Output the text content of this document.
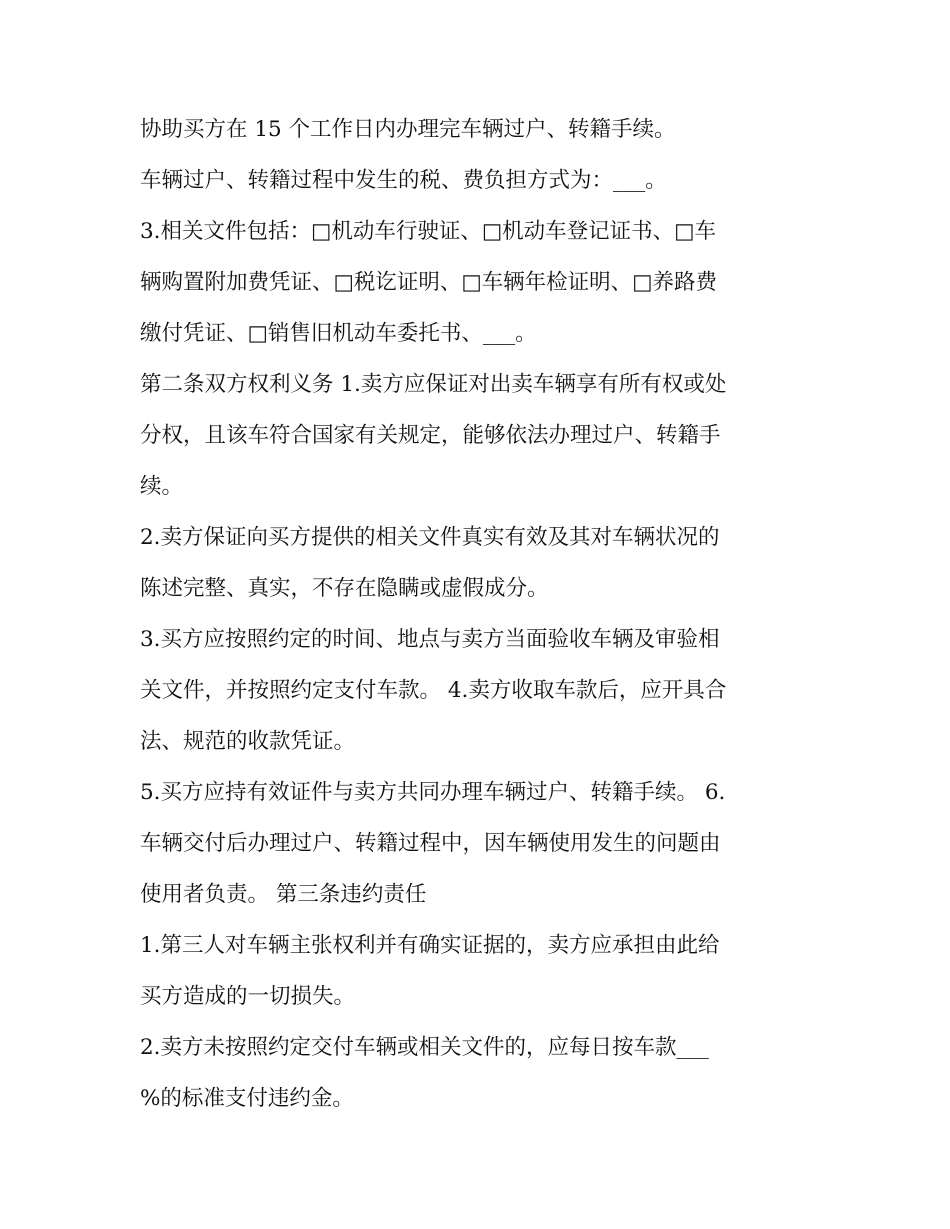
协助买方在 15 个工作日内办理完车辆过户、转籍手续。
车辆过户、转籍过程中发生的税、费负担方式为：___。
3.相关文件包括：□机动车行驶证、□机动车登记证书、□车
辆购置附加费凭证、□税讫证明、□车辆年检证明、□养路费
缴付凭证、□销售旧机动车委托书、___。
第二条双方权利义务 1.卖方应保证对出卖车辆享有所有权或处
分权，且该车符合国家有关规定，能够依法办理过户、转籍手
续。
2.卖方保证向买方提供的相关文件真实有效及其对车辆状况的
陈述完整、真实，不存在隐瞒或虚假成分。
3.买方应按照约定的时间、地点与卖方当面验收车辆及审验相
关文件，并按照约定支付车款。 4.卖方收取车款后，应开具合
法、规范的收款凭证。
5.买方应持有效证件与卖方共同办理车辆过户、转籍手续。 6.
车辆交付后办理过户、转籍过程中，因车辆使用发生的问题由
使用者负责。 第三条违约责任
1.第三人对车辆主张权利并有确实证据的，卖方应承担由此给
买方造成的一切损失。
2.卖方未按照约定交付车辆或相关文件的，应每日按车款___
%的标准支付违约金。
